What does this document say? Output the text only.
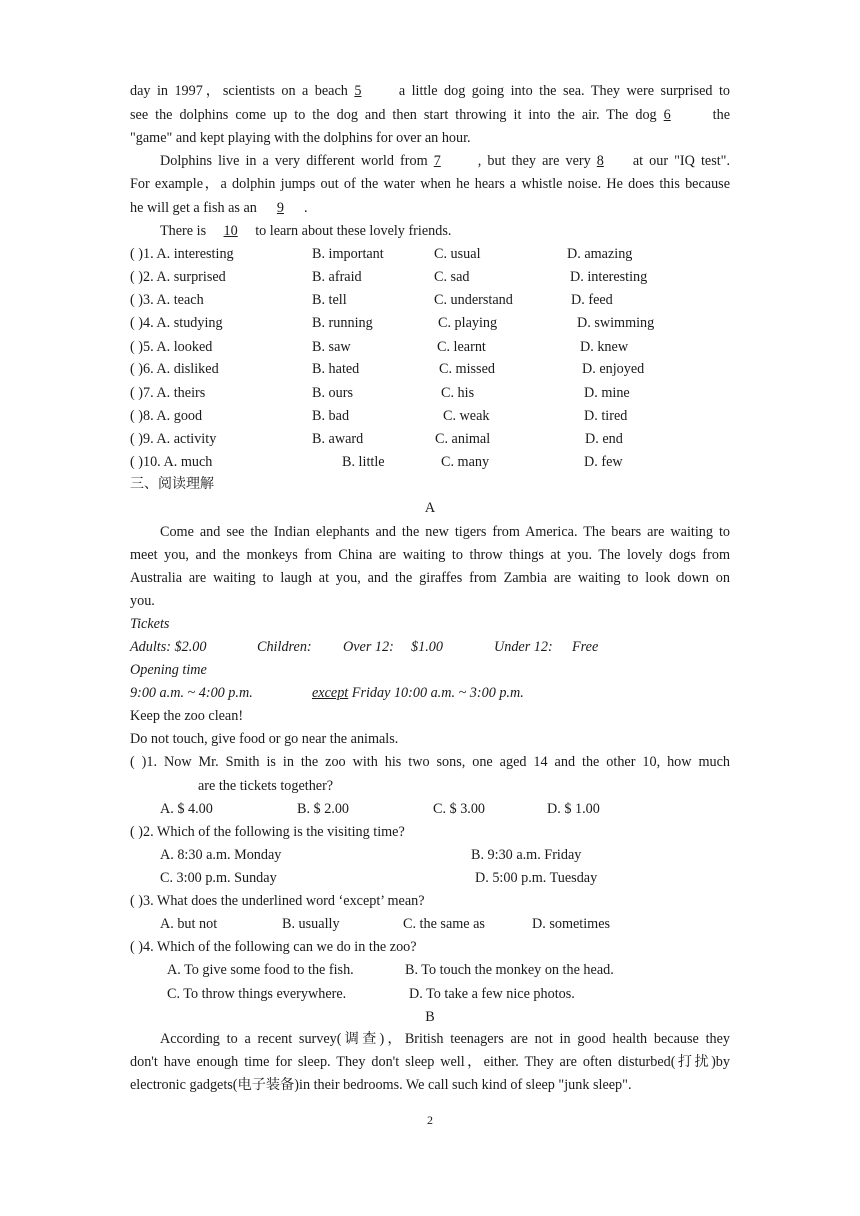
day in 1997，scientists on a beach 5 a little dog going into the sea. They were surprised to
see the dolphins come up to the dog and then start throwing it into the air. The dog 6 the
"game" and kept playing with the dolphins for over an hour.
Dolphins live in a very different world from 7 , but they are very 8 at our "IQ test".
For example，a dolphin jumps out of the water when he hears a whistle noise. He does this because
he will get a fish as an 9 .
There is 10 to learn about these lovely friends.
( )1. A. interesting	B. important	C. usual	D. amazing
( )2. A. surprised	B. afraid	C. sad	D. interesting
( )3. A. teach	B. tell	C. understand	D. feed
( )4. A. studying	B. running	C. playing	D. swimming
( )5. A. looked	B. saw	C. learnt	D. knew
( )6. A. disliked	B. hated	C. missed	D. enjoyed
( )7. A. theirs	B. ours	C. his	D. mine
( )8. A. good	B. bad	C. weak	D. tired
( )9. A. activity	B. award	C. animal	D. end
( )10. A. much	B. little	C. many	D. few
三、阅读理解
A
Come and see the Indian elephants and the new tigers from America. The bears are waiting to
meet you, and the monkeys from China are waiting to throw things at you. The lovely dogs from
Australia are waiting to laugh at you, and the giraffes from Zambia are waiting to look down on
you.
Tickets
Adults: $2.00	Children: Over 12: $1.00	Under 12: Free
Opening time
9:00 a.m. ~ 4:00 p.m.	except Friday 10:00 a.m. ~ 3:00 p.m.
Keep the zoo clean!
Do not touch, give food or go near the animals.
( )1. Now Mr. Smith is in the zoo with his two sons, one aged 14 and the other 10, how much
are the tickets together?
A. $ 4.00	B. $ 2.00	C. $ 3.00	D. $ 1.00
( )2. Which of the following is the visiting time?
A. 8:30 a.m. Monday	B. 9:30 a.m. Friday
C. 3:00 p.m. Sunday	D. 5:00 p.m. Tuesday
( )3. What does the underlined word ‘except’ mean?
A. but not	B. usually	C. the same as	D. sometimes
( )4. Which of the following can we do in the zoo?
A. To give some food to the fish.	B. To touch the monkey on the head.
C. To throw things everywhere.	D. To take a few nice photos.
B
According to a recent survey(调查)，British teenagers are not in good health because they
don't have enough time for sleep. They don't sleep well，either. They are often disturbed(打扰)by
electronic gadgets(电子装备)in their bedrooms. We call such kind of sleep "junk sleep".
2
